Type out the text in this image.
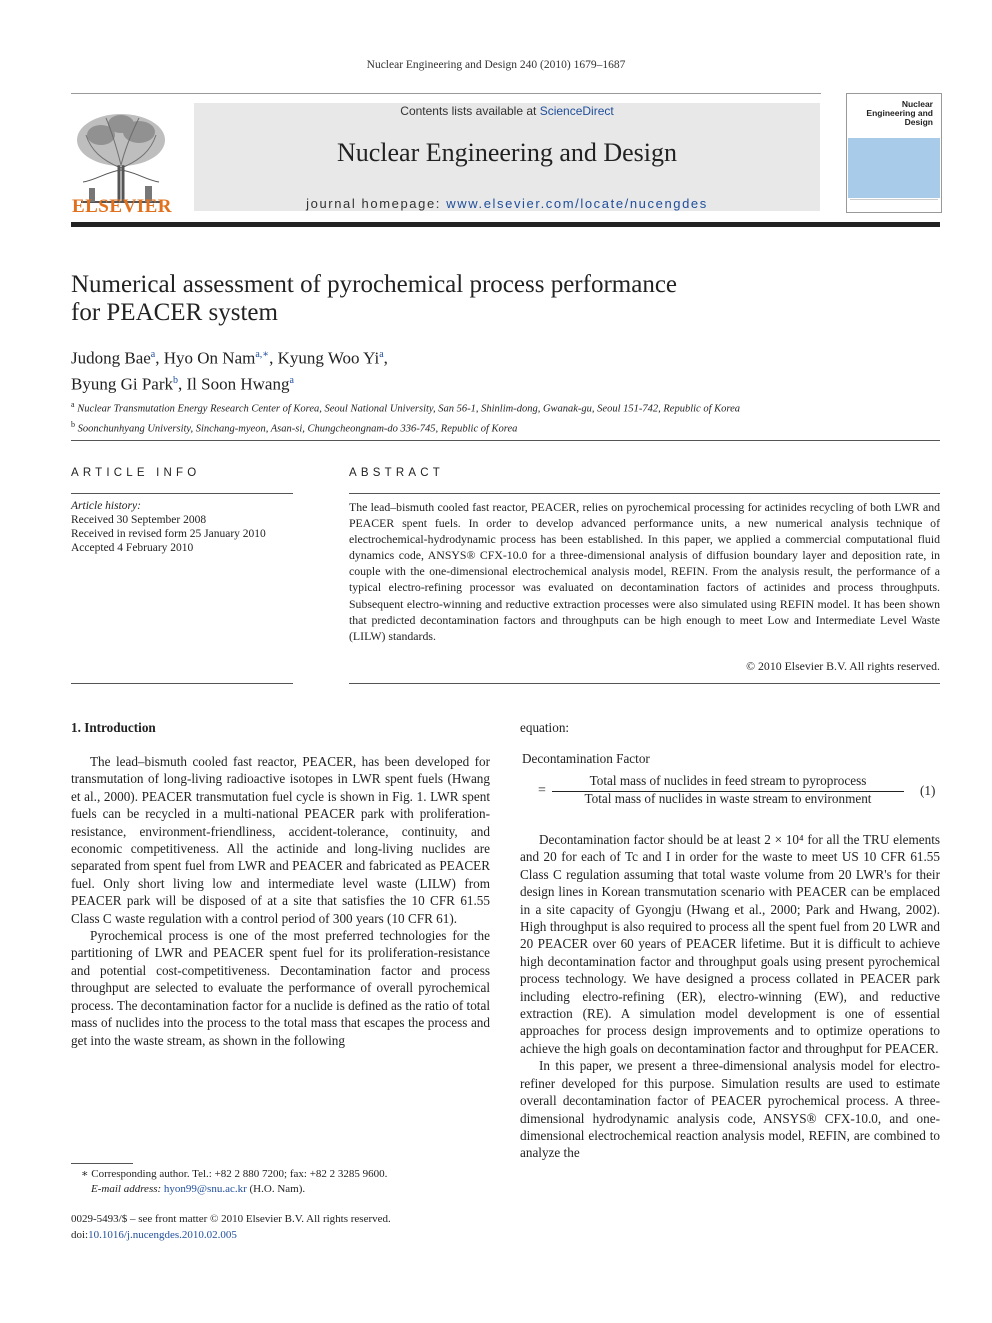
Nuclear Engineering and Design 240 (2010) 1679–1687
ELSEVIER
Contents lists available at ScienceDirect
Nuclear Engineering and Design
journal homepage: www.elsevier.com/locate/nucengdes
Nuclear Engineering and Design
Numerical assessment of pyrochemical process performance
for PEACER system
Judong Bae$^a$, Hyo On Nam$^{a,∗}$, Kyung Woo Yi$^a$,
Byung Gi Park$^b$, Il Soon Hwang$^a$
$^a$ Nuclear Transmutation Energy Research Center of Korea, Seoul National University, San 56-1, Shinlim-dong, Gwanak-gu, Seoul 151-742, Republic of Korea
$^b$ Soonchunhyang University, Sinchang-myeon, Asan-si, Chungcheongnam-do 336-745, Republic of Korea
ARTICLE INFO	ABSTRACT
Article history:
Received 30 September 2008
Received in revised form 25 January 2010
Accepted 4 February 2010
The lead–bismuth cooled fast reactor, PEACER, relies on pyrochemical processing for actinides recycling of both LWR and PEACER spent fuels. In order to develop advanced performance units, a new numerical analysis technique of electrochemical-hydrodynamic process has been established. In this paper, we applied a commercial computational fluid dynamics code, ANSYS® CFX-10.0 for a three-dimensional analysis of diffusion boundary layer and deposition rate, in couple with the one-dimensional electrochemical analysis model, REFIN. From the analysis result, the performance of a typical electro-refining processor was evaluated on decontamination factors of actinides and process throughputs. Subsequent electro-winning and reductive extraction processes were also simulated using REFIN model. It has been shown that predicted decontamination factors and throughputs can be high enough to meet Low and Intermediate Level Waste (LILW) standards.
© 2010 Elsevier B.V. All rights reserved.
1. Introduction

The lead–bismuth cooled fast reactor, PEACER, has been developed for transmutation of long-living radioactive isotopes in LWR spent fuels (Hwang et al., 2000). PEACER transmutation fuel cycle is shown in Fig. 1. LWR spent fuels can be recycled in a multi-national PEACER park with proliferation-resistance, environment-friendliness, accident-tolerance, continuity, and economic competitiveness. All the actinide and long-living nuclides are separated from spent fuel from LWR and PEACER and fabricated as PEACER fuel. Only short living low and intermediate level waste (LILW) from PEACER park will be disposed of at a site that satisfies the 10 CFR 61.55 Class C waste regulation with a control period of 300 years (10 CFR 61).

Pyrochemical process is one of the most preferred technologies for the partitioning of LWR and PEACER spent fuel for its proliferation-resistance and potential cost-competitiveness. Decontamination factor and process throughput are selected to evaluate the performance of overall pyrochemical process. The decontamination factor for a nuclide is defined as the ratio of total mass of nuclides into the process to the total mass that escapes the process and get into the waste stream, as shown in the following

equation:
Decontamination Factor
=
Total mass of nuclides in feed stream to pyroprocess
Total mass of nuclides in waste stream to environment
(1)

Decontamination factor should be at least 2 × 10⁴ for all the TRU elements and 20 for each of Tc and I in order for the waste to meet US 10 CFR 61.55 Class C regulation assuming that total waste volume from 20 LWR's for their design lines in Korean transmutation scenario with PEACER can be emplaced in a site capacity of Gyongju (Hwang et al., 2000; Park and Hwang, 2002). High throughput is also required to process all the spent fuel from 20 LWR and 20 PEACER over 60 years of PEACER lifetime. But it is difficult to achieve high decontamination factor and throughput goals using present pyrochemical process technology. We have designed a process collated in PEACER park including electro-refining (ER), electro-winning (EW), and reductive extraction (RE). A simulation model development is one of essential approaches for process design improvements and to optimize operations to achieve the high goals on decontamination factor and throughput for PEACER.

In this paper, we present a three-dimensional analysis model for electro-refiner developed for this purpose. Simulation results are used to estimate overall decontamination factor of PEACER pyrochemical process. A three-dimensional hydrodynamic analysis code, ANSYS® CFX-10.0, and one-dimensional electrochemical reaction analysis model, REFIN, are combined to analyze the

∗ Corresponding author. Tel.: +82 2 880 7200; fax: +82 2 3285 9600.
E-mail address: hyon99@snu.ac.kr (H.O. Nam).
0029-5493/$ – see front matter © 2010 Elsevier B.V. All rights reserved.
doi:10.1016/j.nucengdes.2010.02.005
